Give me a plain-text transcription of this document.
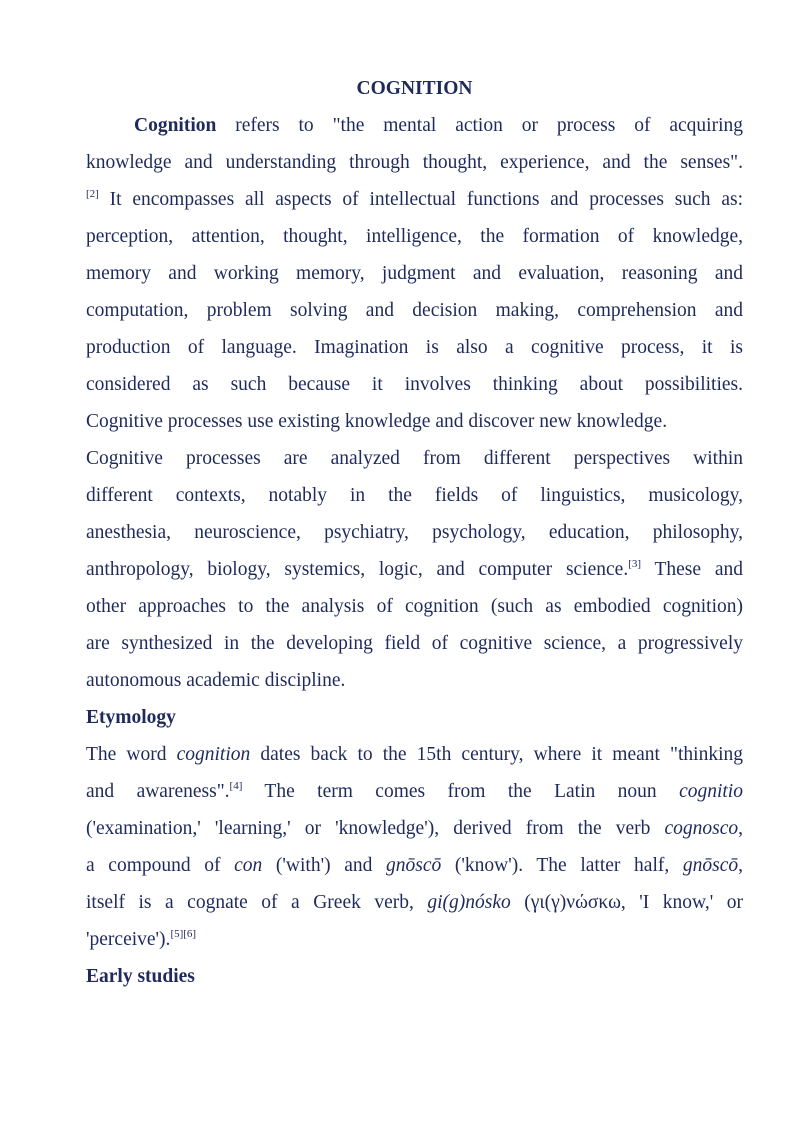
COGNITION
Cognition refers to "the mental action or process of acquiring
knowledge and understanding through thought, experience, and the senses".
[2] It encompasses all aspects of intellectual functions and processes such as:
perception, attention, thought, intelligence, the formation of knowledge,
memory and working memory, judgment and evaluation, reasoning and
computation, problem solving and decision making, comprehension and
production of language. Imagination is also a cognitive process, it is
considered as such because it involves thinking about possibilities.
Cognitive processes use existing knowledge and discover new knowledge.
Cognitive processes are analyzed from different perspectives within
different contexts, notably in the fields of linguistics, musicology,
anesthesia, neuroscience, psychiatry, psychology, education, philosophy,
anthropology, biology, systemics, logic, and computer science.[3] These and
other approaches to the analysis of cognition (such as embodied cognition)
are synthesized in the developing field of cognitive science, a progressively
autonomous academic discipline.
Etymology
The word cognition dates back to the 15th century, where it meant "thinking
and awareness".[4] The term comes from the Latin noun cognitio
('examination,' 'learning,' or 'knowledge'), derived from the verb cognosco,
a compound of con ('with') and gnōscō ('know'). The latter half, gnōscō,
itself is a cognate of a Greek verb, gi(g)nósko (γι(γ)νώσκω, 'I know,' or
'perceive').[5][6]
Early studies
